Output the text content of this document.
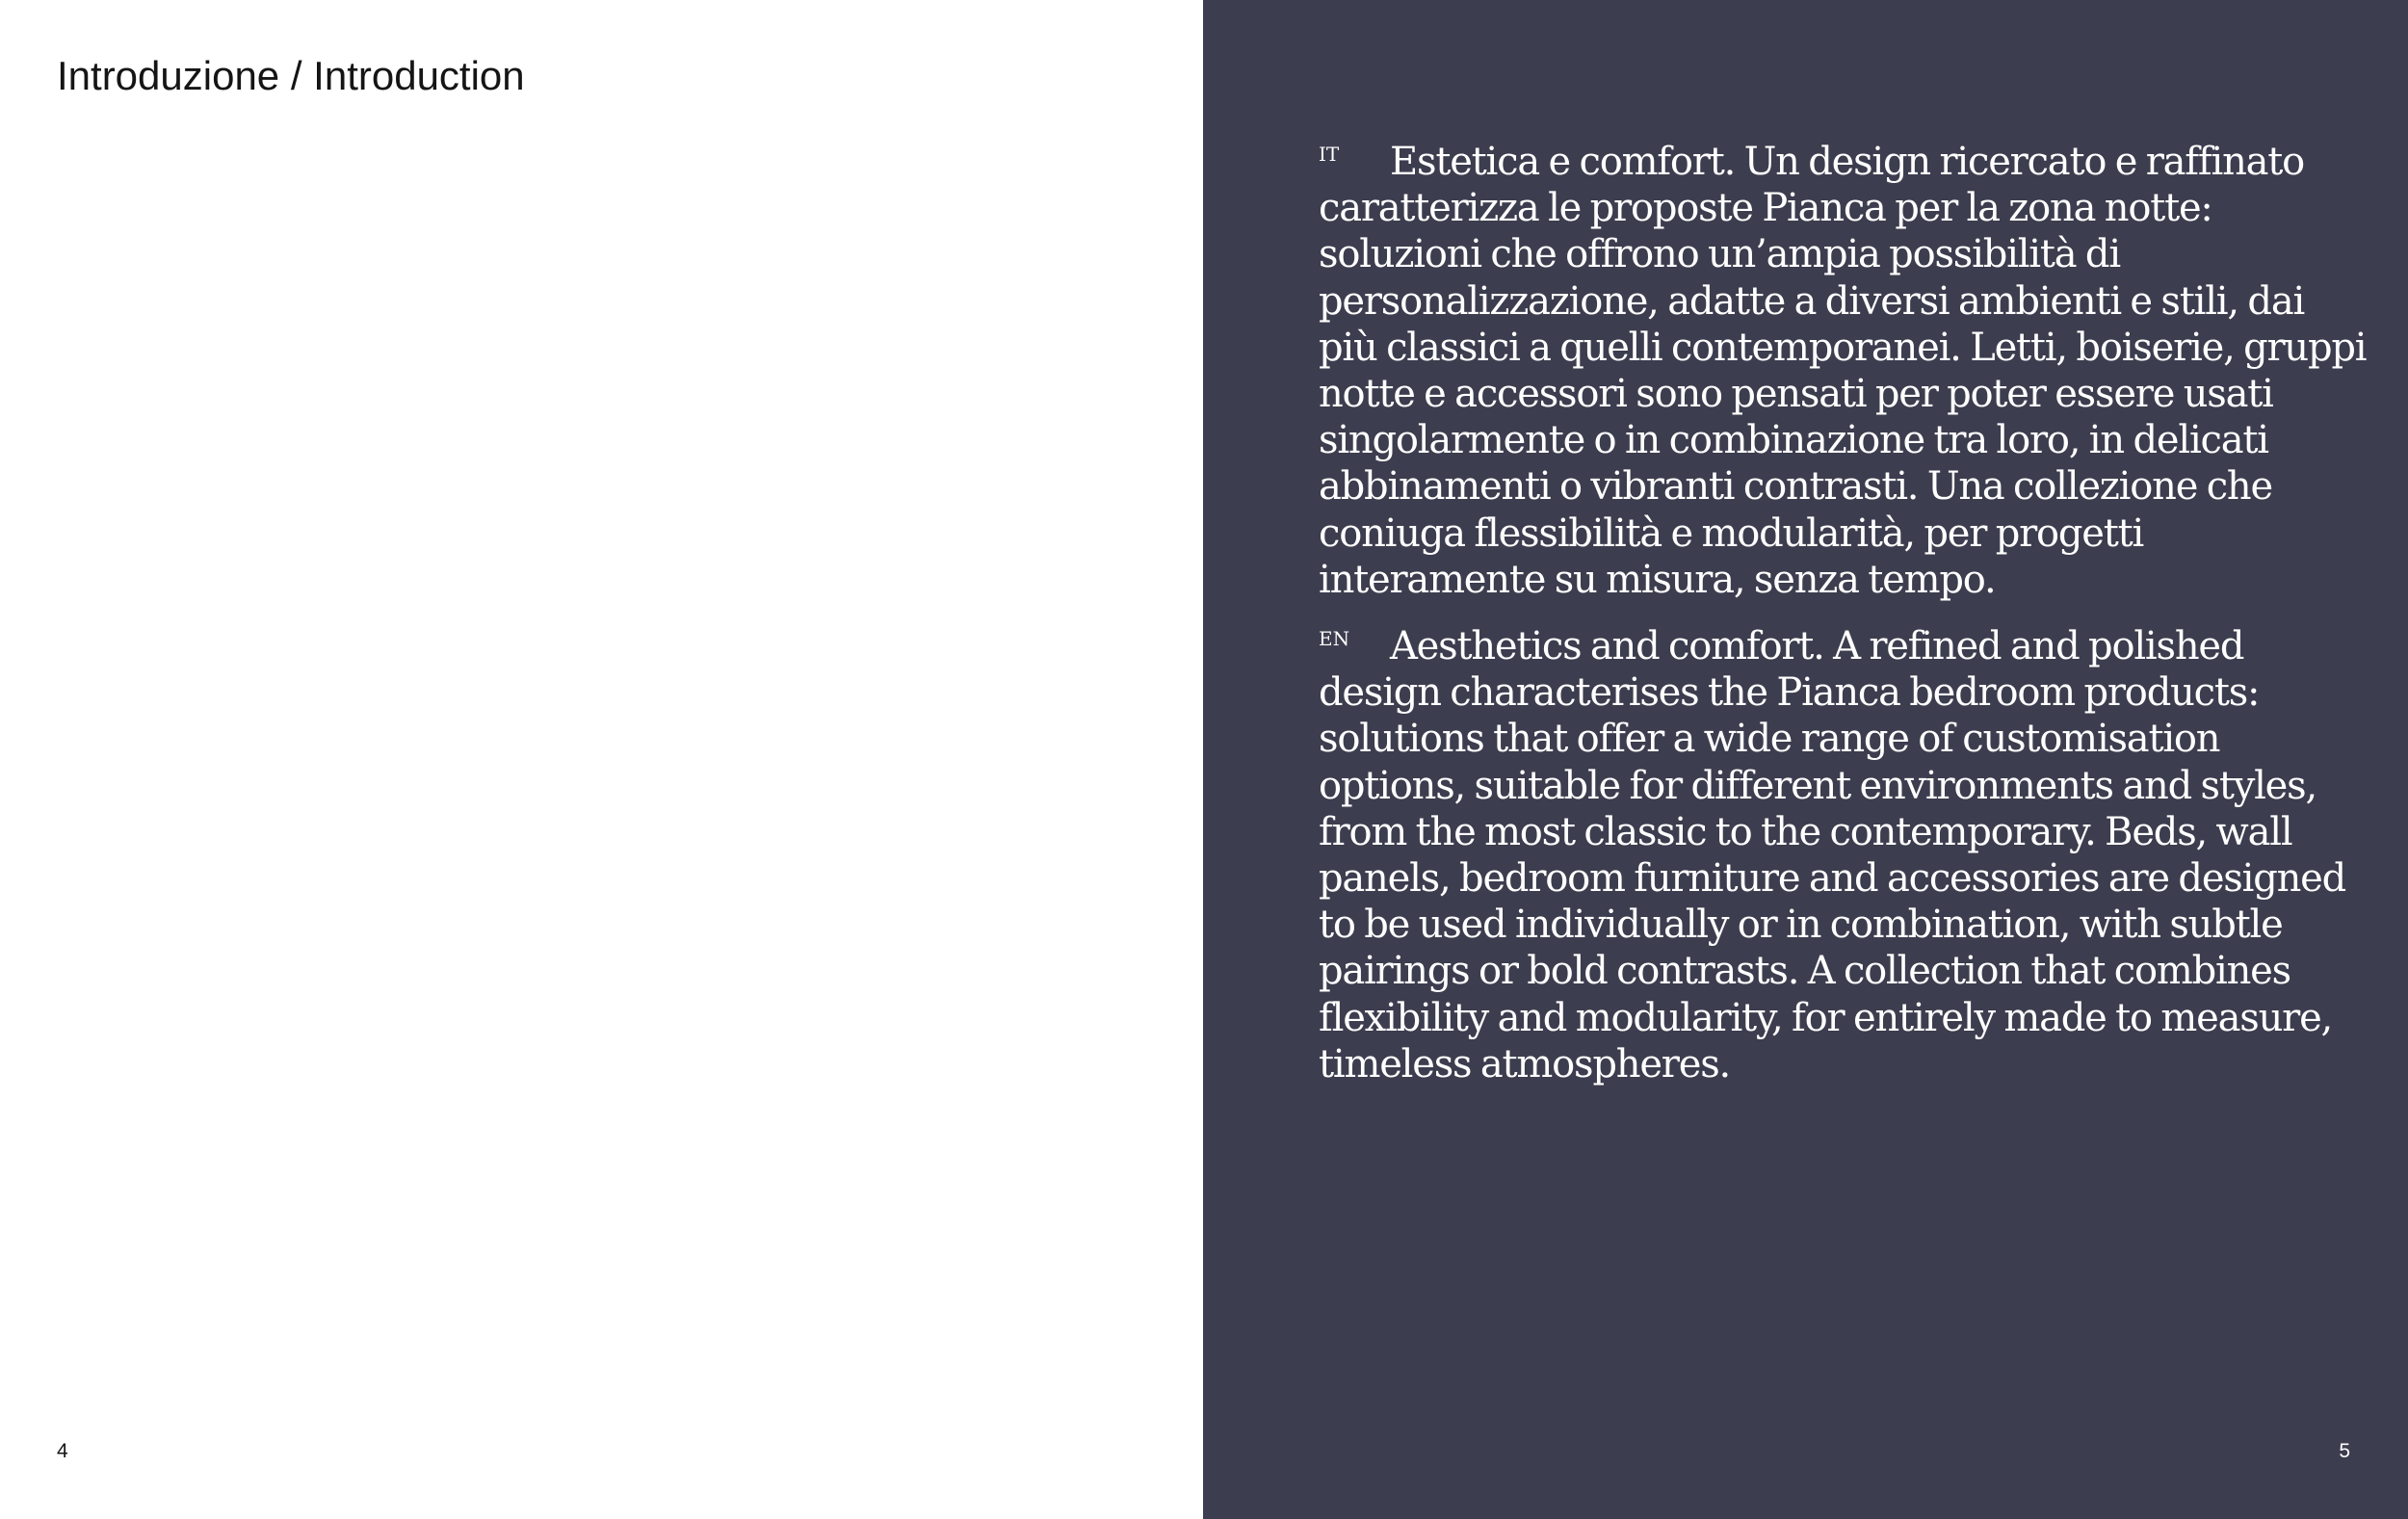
Introduzione / Introduction
4

IT Estetica e comfort. Un design ricercato e raffinato caratterizza le proposte Pianca per la zona notte: soluzioni che offrono un’ampia possibilità di personalizzazione, adatte a diversi ambienti e stili, dai più classici a quelli contemporanei. Letti, boiserie, gruppi notte e accessori sono pensati per poter essere usati singolarmente o in combinazione tra loro, in delicati abbinamenti o vibranti contrasti. Una collezione che coniuga flessibilità e modularità, per progetti interamente su misura, senza tempo.

EN Aesthetics and comfort. A refined and polished design characterises the Pianca bedroom products: solutions that offer a wide range of customisation options, suitable for different environments and styles, from the most classic to the contemporary. Beds, wall panels, bedroom furniture and accessories are designed to be used individually or in combination, with subtle pairings or bold contrasts. A collection that combines flexibility and modularity, for entirely made to measure, timeless atmospheres.

5
